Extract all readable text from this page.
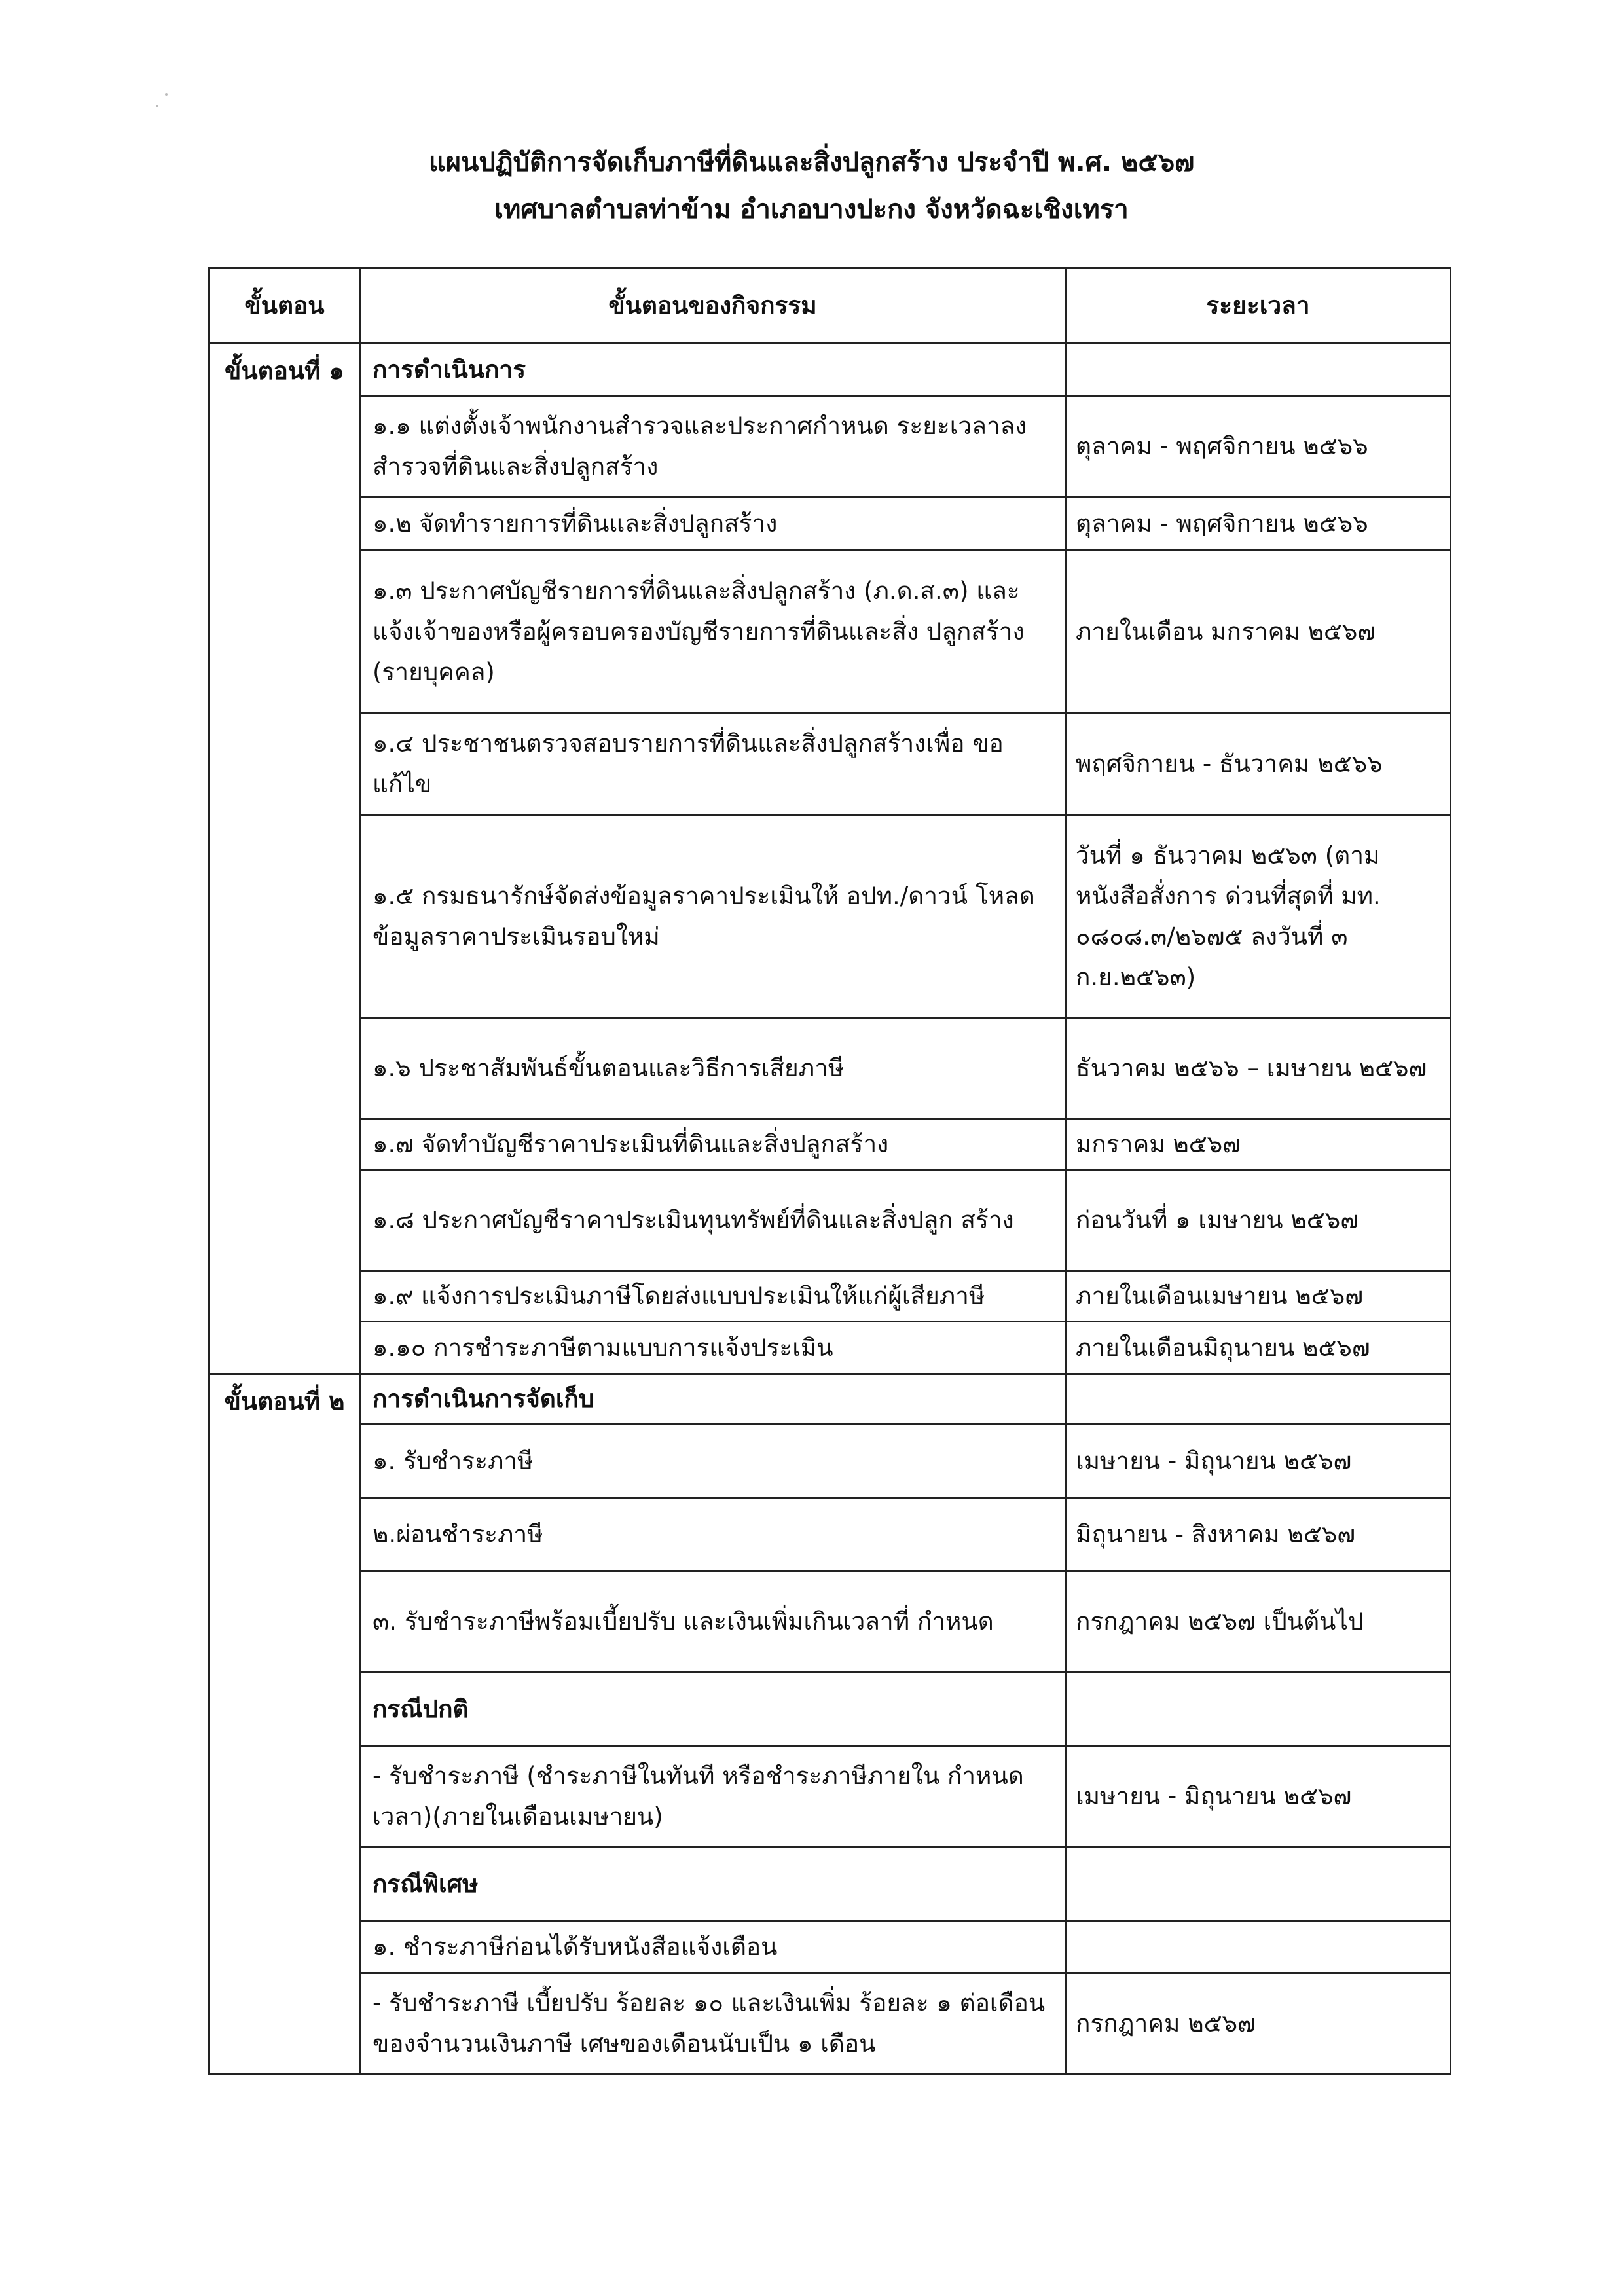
แผนปฏิบัติการจัดเก็บภาษีที่ดินและสิ่งปลูกสร้าง ประจำปี พ.ศ. ๒๕๖๗
เทศบาลตำบลท่าข้าม อำเภอบางปะกง จังหวัดฉะเชิงเทรา
ขั้นตอน	ขั้นตอนของกิจกรรม	ระยะเวลา
ขั้นตอนที่ ๑	การดำเนินการ	
	๑.๑ แต่งตั้งเจ้าพนักงานสำรวจและประกาศกำหนด ระยะเวลาลงสำรวจที่ดินและสิ่งปลูกสร้าง	ตุลาคม - พฤศจิกายน ๒๕๖๖
	๑.๒ จัดทำรายการที่ดินและสิ่งปลูกสร้าง	ตุลาคม - พฤศจิกายน ๒๕๖๖
	๑.๓ ประกาศบัญชีรายการที่ดินและสิ่งปลูกสร้าง (ภ.ด.ส.๓) และแจ้งเจ้าของหรือผู้ครอบครองบัญชีรายการที่ดินและสิ่ง ปลูกสร้าง (รายบุคคล)	ภายในเดือน มกราคม ๒๕๖๗
	๑.๔ ประชาชนตรวจสอบรายการที่ดินและสิ่งปลูกสร้างเพื่อ ขอแก้ไข	พฤศจิกายน - ธันวาคม ๒๕๖๖
	๑.๕ กรมธนารักษ์จัดส่งข้อมูลราคาประเมินให้ อปท./ดาวน์ โหลดข้อมูลราคาประเมินรอบใหม่	วันที่ ๑ ธันวาคม ๒๕๖๓ (ตาม หนังสือสั่งการ ด่วนที่สุดที่ มท. ๐๘๐๘.๓/๒๖๗๕ ลงวันที่ ๓ ก.ย.๒๕๖๓)
	๑.๖ ประชาสัมพันธ์ขั้นตอนและวิธีการเสียภาษี	ธันวาคม ๒๕๖๖ – เมษายน ๒๕๖๗
	๑.๗ จัดทำบัญชีราคาประเมินที่ดินและสิ่งปลูกสร้าง	มกราคม ๒๕๖๗
	๑.๘ ประกาศบัญชีราคาประเมินทุนทรัพย์ที่ดินและสิ่งปลูก สร้าง	ก่อนวันที่ ๑ เมษายน ๒๕๖๗
	๑.๙ แจ้งการประเมินภาษีโดยส่งแบบประเมินให้แก่ผู้เสียภาษี	ภายในเดือนเมษายน ๒๕๖๗
	๑.๑๐ การชำระภาษีตามแบบการแจ้งประเมิน	ภายในเดือนมิถุนายน ๒๕๖๗
ขั้นตอนที่ ๒	การดำเนินการจัดเก็บ	
	๑. รับชำระภาษี	เมษายน - มิถุนายน ๒๕๖๗
	๒.ผ่อนชำระภาษี	มิถุนายน - สิงหาคม ๒๕๖๗
	๓. รับชำระภาษีพร้อมเบี้ยปรับ และเงินเพิ่มเกินเวลาที่ กำหนด	กรกฎาคม ๒๕๖๗ เป็นต้นไป
	กรณีปกติ	
	- รับชำระภาษี (ชำระภาษีในทันที หรือชำระภาษีภายใน กำหนดเวลา)(ภายในเดือนเมษายน)	เมษายน - มิถุนายน ๒๕๖๗
	กรณีพิเศษ	
	๑. ชำระภาษีก่อนได้รับหนังสือแจ้งเตือน	
	- รับชำระภาษี เบี้ยปรับ ร้อยละ ๑๐ และเงินเพิ่ม ร้อยละ ๑ ต่อเดือน ของจำนวนเงินภาษี เศษของเดือนนับเป็น ๑ เดือน	กรกฎาคม ๒๕๖๗
